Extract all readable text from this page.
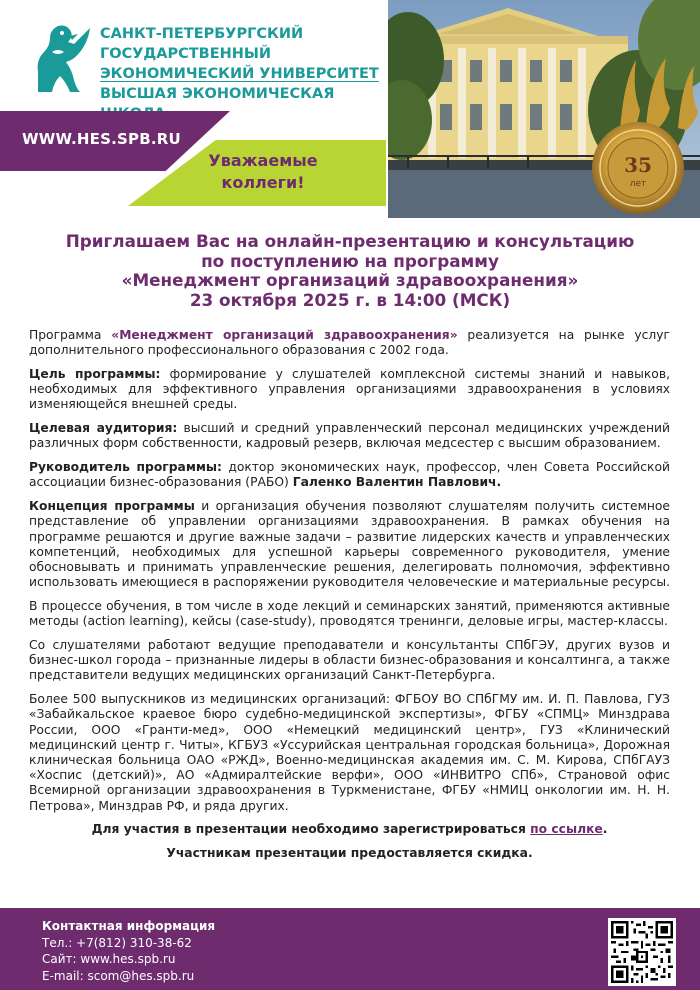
САНКТ-ПЕТЕРБУРГСКИЙ
ГОСУДАРСТВЕННЫЙ
ЭКОНОМИЧЕСКИЙ УНИВЕРСИТЕТ
ВЫСШАЯ ЭКОНОМИЧЕСКАЯ
WWW.HES.SPB.RU
Уважаемые коллеги!
35
лет
Приглашаем Вас на онлайн-презентацию и консультацию
по поступлению на программу
«Менеджмент организаций здравоохранения»
23 октября 2025 г. в 14:00 (МСК)

Программа «Менеджмент организаций здравоохранения» реализуется на рынке услуг дополнительного профессионального образования с 2002 года.

Цель программы: формирование у слушателей комплексной системы знаний и навыков, необходимых для эффективного управления организациями здравоохранения в условиях изменяющейся внешней среды.

Целевая аудитория: высший и средний управленческий персонал медицинских учреждений различных форм собственности, кадровый резерв, включая медсестер с высшим образованием.

Руководитель программы: доктор экономических наук, профессор, член Совета Российской ассоциации бизнес-образования (РАБО) Галенко Валентин Павлович.

Концепция программы и организация обучения позволяют слушателям получить системное представление об управлении организациями здравоохранения. В рамках обучения на программе решаются и другие важные задачи – развитие лидерских качеств и управленческих компетенций, необходимых для успешной карьеры современного руководителя, умение обосновывать и принимать управленческие решения, делегировать полномочия, эффективно использовать имеющиеся в распоряжении руководителя человеческие и материальные ресурсы.

В процессе обучения, в том числе в ходе лекций и семинарских занятий, применяются активные методы (action learning), кейсы (case-study), проводятся тренинги, деловые игры, мастер-классы.

Со слушателями работают ведущие преподаватели и консультанты СПбГЭУ, других вузов и бизнес-школ города – признанные лидеры в области бизнес-образования и консалтинга, а также представители ведущих медицинских организаций Санкт-Петербурга.

Более 500 выпускников из медицинских организаций: ФГБОУ ВО СПбГМУ им. И. П. Павлова, ГУЗ «Забайкальское краевое бюро судебно-медицинской экспертизы», ФГБУ «СПМЦ» Минздрава России, ООО «Гранти-мед», ООО «Немецкий медицинский центр», ГУЗ «Клинический медицинский центр г. Читы», КГБУЗ «Уссурийская центральная городская больница», Дорожная клиническая больница ОАО «РЖД», Военно-медицинская академия им. С. М. Кирова, СПбГАУЗ «Хоспис (детский)», АО «Адмиралтейские верфи», ООО «ИНВИТРО СПб», Страновой офис Всемирной организации здравоохранения в Туркменистане, ФГБУ «НМИЦ онкологии им. Н. Н. Петрова», Минздрав РФ, и ряда других.

Для участия в презентации необходимо зарегистрироваться по ссылке.
Участникам презентации предоставляется скидка.
Контактная информация
Тел.: +7(812) 310-38-62
Сайт: www.hes.spb.ru
E-mail: scom@hes.spb.ru
